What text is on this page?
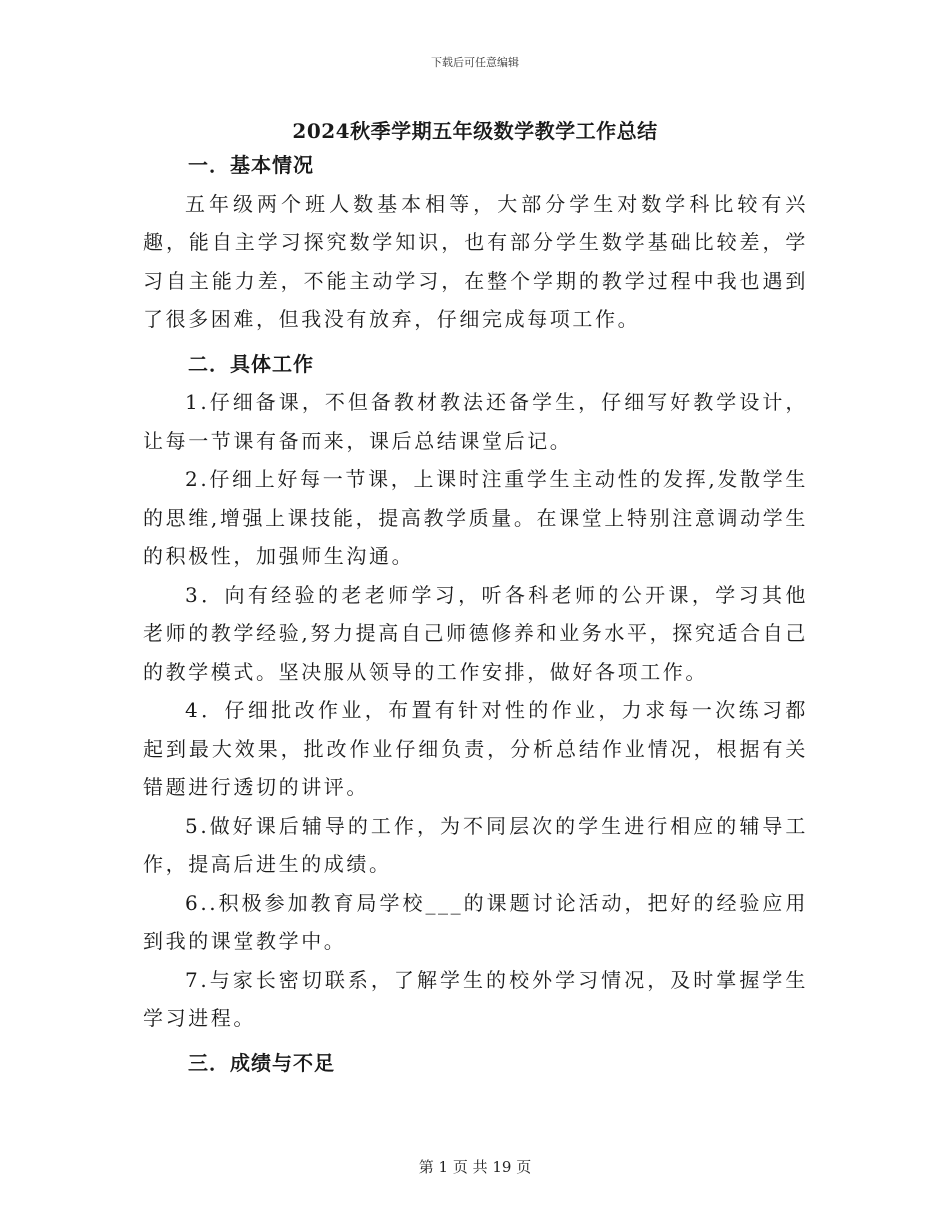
下载后可任意编辑
2024秋季学期五年级数学教学工作总结

一．基本情况

五年级两个班人数基本相等，大部分学生对数学科比较有兴趣，能自主学习探究数学知识，也有部分学生数学基础比较差，学习自主能力差，不能主动学习，在整个学期的教学过程中我也遇到了很多困难，但我没有放弃，仔细完成每项工作。

二．具体工作

1.仔细备课，不但备教材教法还备学生，仔细写好教学设计，让每一节课有备而来，课后总结课堂后记。

2.仔细上好每一节课，上课时注重学生主动性的发挥,发散学生的思维,增强上课技能，提高教学质量。在课堂上特别注意调动学生的积极性，加强师生沟通。

3．向有经验的老老师学习，听各科老师的公开课，学习其他老师的教学经验,努力提高自己师德修养和业务水平，探究适合自己的教学模式。坚决服从领导的工作安排，做好各项工作。

4．仔细批改作业，布置有针对性的作业，力求每一次练习都起到最大效果，批改作业仔细负责，分析总结作业情况，根据有关错题进行透切的讲评。

5.做好课后辅导的工作，为不同层次的学生进行相应的辅导工作，提高后进生的成绩。

6..积极参加教育局学校___的课题讨论活动，把好的经验应用到我的课堂教学中。

7.与家长密切联系，了解学生的校外学习情况，及时掌握学生学习进程。

三．成绩与不足

第 1 页 共 19 页
